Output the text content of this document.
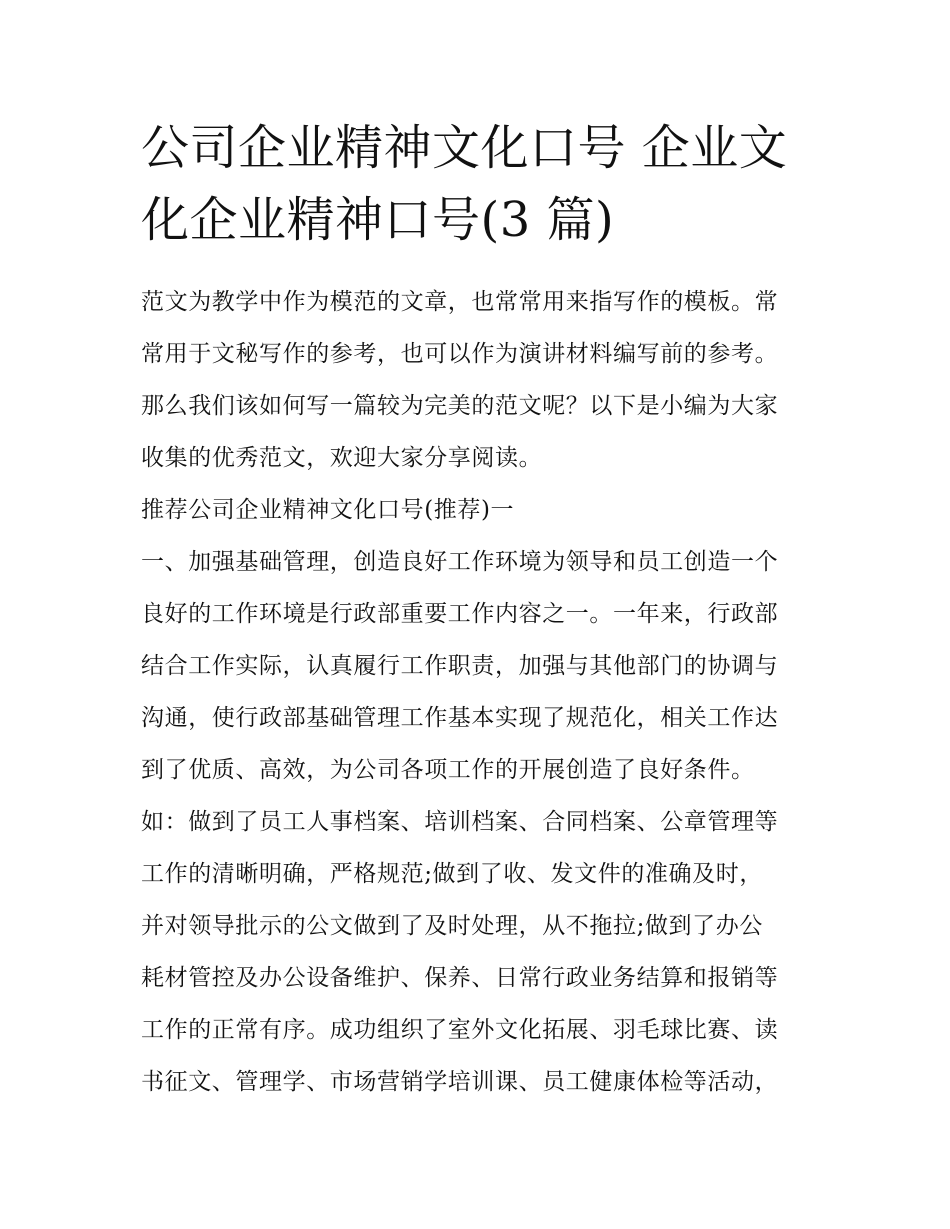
公司企业精神文化口号 企业文
化企业精神口号(3 篇)
范文为教学中作为模范的文章，也常常用来指写作的模板。常
常用于文秘写作的参考，也可以作为演讲材料编写前的参考。
那么我们该如何写一篇较为完美的范文呢？以下是小编为大家
收集的优秀范文，欢迎大家分享阅读。
推荐公司企业精神文化口号(推荐)一
一、加强基础管理，创造良好工作环境为领导和员工创造一个
良好的工作环境是行政部重要工作内容之一。一年来，行政部
结合工作实际，认真履行工作职责，加强与其他部门的协调与
沟通，使行政部基础管理工作基本实现了规范化，相关工作达
到了优质、高效，为公司各项工作的开展创造了良好条件。
如：做到了员工人事档案、培训档案、合同档案、公章管理等
工作的清晰明确，严格规范;做到了收、发文件的准确及时，
并对领导批示的公文做到了及时处理，从不拖拉;做到了办公
耗材管控及办公设备维护、保养、日常行政业务结算和报销等
工作的正常有序。成功组织了室外文化拓展、羽毛球比赛、读
书征文、管理学、市场营销学培训课、员工健康体检等活动，
